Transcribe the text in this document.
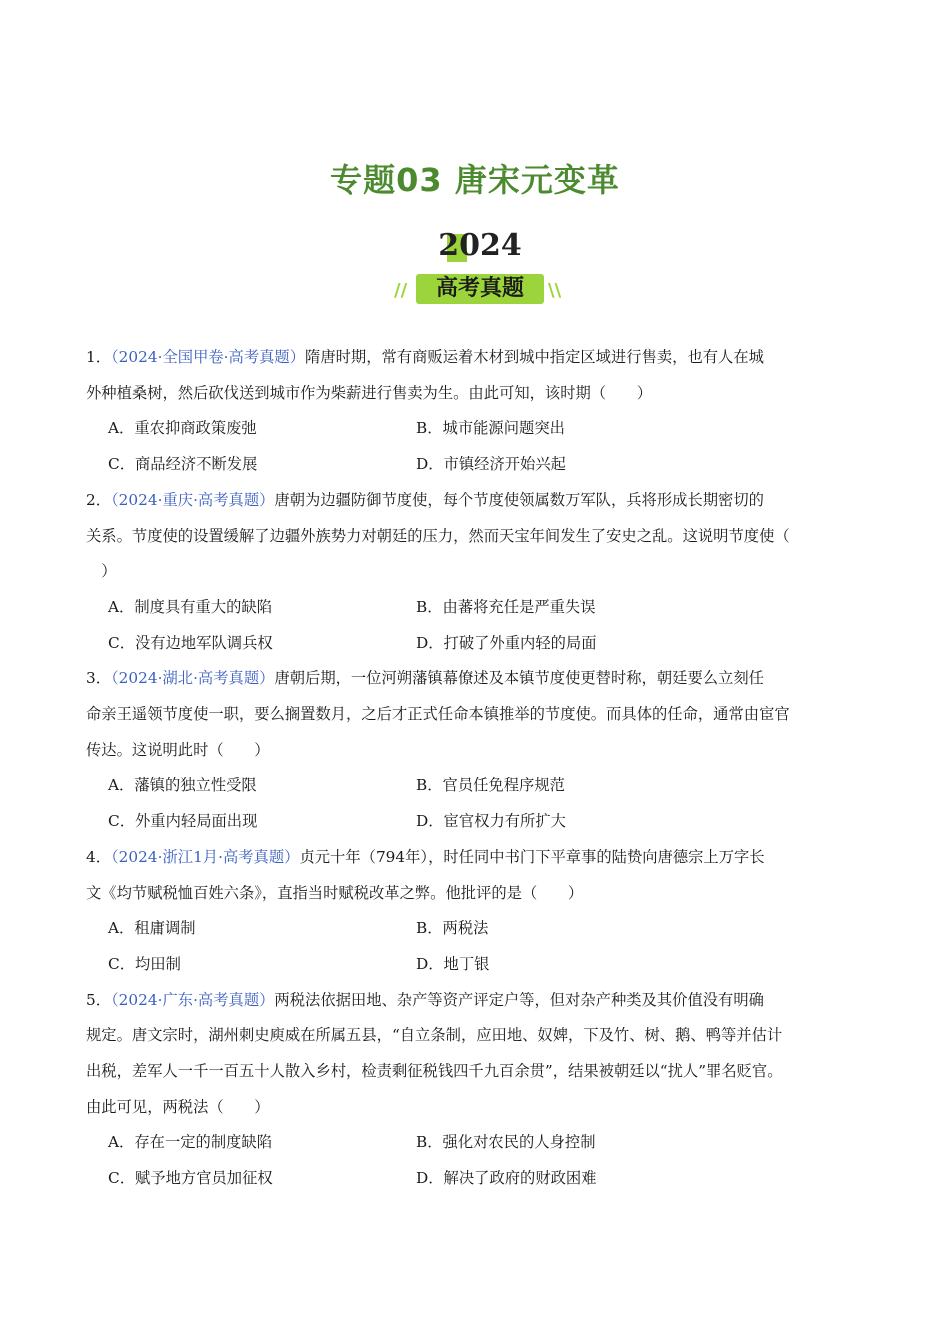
专题03 唐宋元变革
2024
//	高考真题	\\

1．（2024·全国甲卷·高考真题）隋唐时期，常有商贩运着木材到城中指定区域进行售卖，也有人在城

外种植桑树，然后砍伐送到城市作为柴薪进行售卖为生。由此可知，该时期（　　）

A．重农抑商政策废弛	B．城市能源问题突出
C．商品经济不断发展	D．市镇经济开始兴起

2．（2024·重庆·高考真题）唐朝为边疆防御节度使，每个节度使领属数万军队，兵将形成长期密切的

关系。节度使的设置缓解了边疆外族势力对朝廷的压力，然而天宝年间发生了安史之乱。这说明节度使（

　）

A．制度具有重大的缺陷	B．由蕃将充任是严重失误
C．没有边地军队调兵权	D．打破了外重内轻的局面

3．（2024·湖北·高考真题）唐朝后期，一位河朔藩镇幕僚述及本镇节度使更替时称，朝廷要么立刻任

命亲王遥领节度使一职，要么搁置数月，之后才正式任命本镇推举的节度使。而具体的任命，通常由宦官

传达。这说明此时（　　）

A．藩镇的独立性受限	B．官员任免程序规范
C．外重内轻局面出现	D．宦官权力有所扩大

4．（2024·浙江1月·高考真题）贞元十年（794年），时任同中书门下平章事的陆贽向唐德宗上万字长

文《均节赋税恤百姓六条》，直指当时赋税改革之弊。他批评的是（　　）

A．租庸调制	B．两税法
C．均田制	D．地丁银

5．（2024·广东·高考真题）两税法依据田地、杂产等资产评定户等，但对杂产种类及其价值没有明确

规定。唐文宗时，湖州刺史庾威在所属五县，“自立条制，应田地、奴婢，下及竹、树、鹅、鸭等并估计

出税，差军人一千一百五十人散入乡村，检责剩征税钱四千九百余贯”，结果被朝廷以“扰人”罪名贬官。

由此可见，两税法（　　）

A．存在一定的制度缺陷	B．强化对农民的人身控制
C．赋予地方官员加征权	D．解决了政府的财政困难
